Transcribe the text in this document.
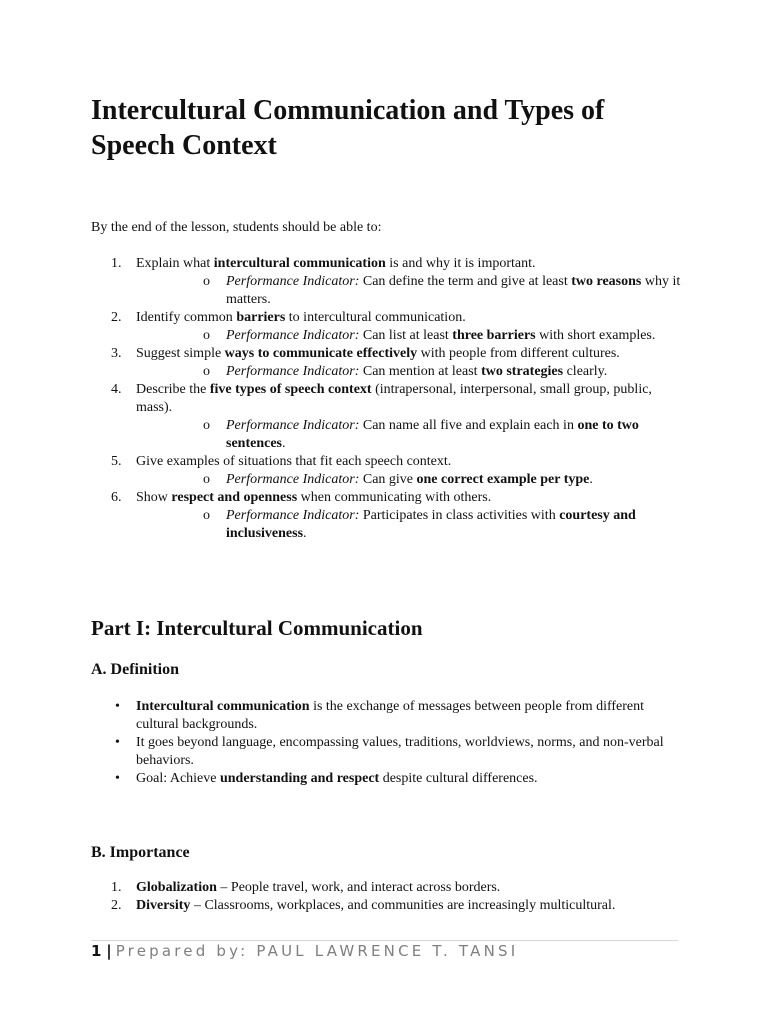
Intercultural Communication and Types of Speech Context

By the end of the lesson, students should be able to:

1. Explain what intercultural communication is and why it is important.
o Performance Indicator: Can define the term and give at least two reasons why it matters.
2. Identify common barriers to intercultural communication.
o Performance Indicator: Can list at least three barriers with short examples.
3. Suggest simple ways to communicate effectively with people from different cultures.
o Performance Indicator: Can mention at least two strategies clearly.
4. Describe the five types of speech context (intrapersonal, interpersonal, small group, public, mass).
o Performance Indicator: Can name all five and explain each in one to two sentences.
5. Give examples of situations that fit each speech context.
o Performance Indicator: Can give one correct example per type.
6. Show respect and openness when communicating with others.
o Performance Indicator: Participates in class activities with courtesy and inclusiveness.
Part I: Intercultural Communication
A. Definition
• Intercultural communication is the exchange of messages between people from different cultural backgrounds.
• It goes beyond language, encompassing values, traditions, worldviews, norms, and non-verbal behaviors.
• Goal: Achieve understanding and respect despite cultural differences.
B. Importance
1. Globalization – People travel, work, and interact across borders.
2. Diversity – Classrooms, workplaces, and communities are increasingly multicultural.
1 | Prepared by: PAUL LAWRENCE T. TANSI
